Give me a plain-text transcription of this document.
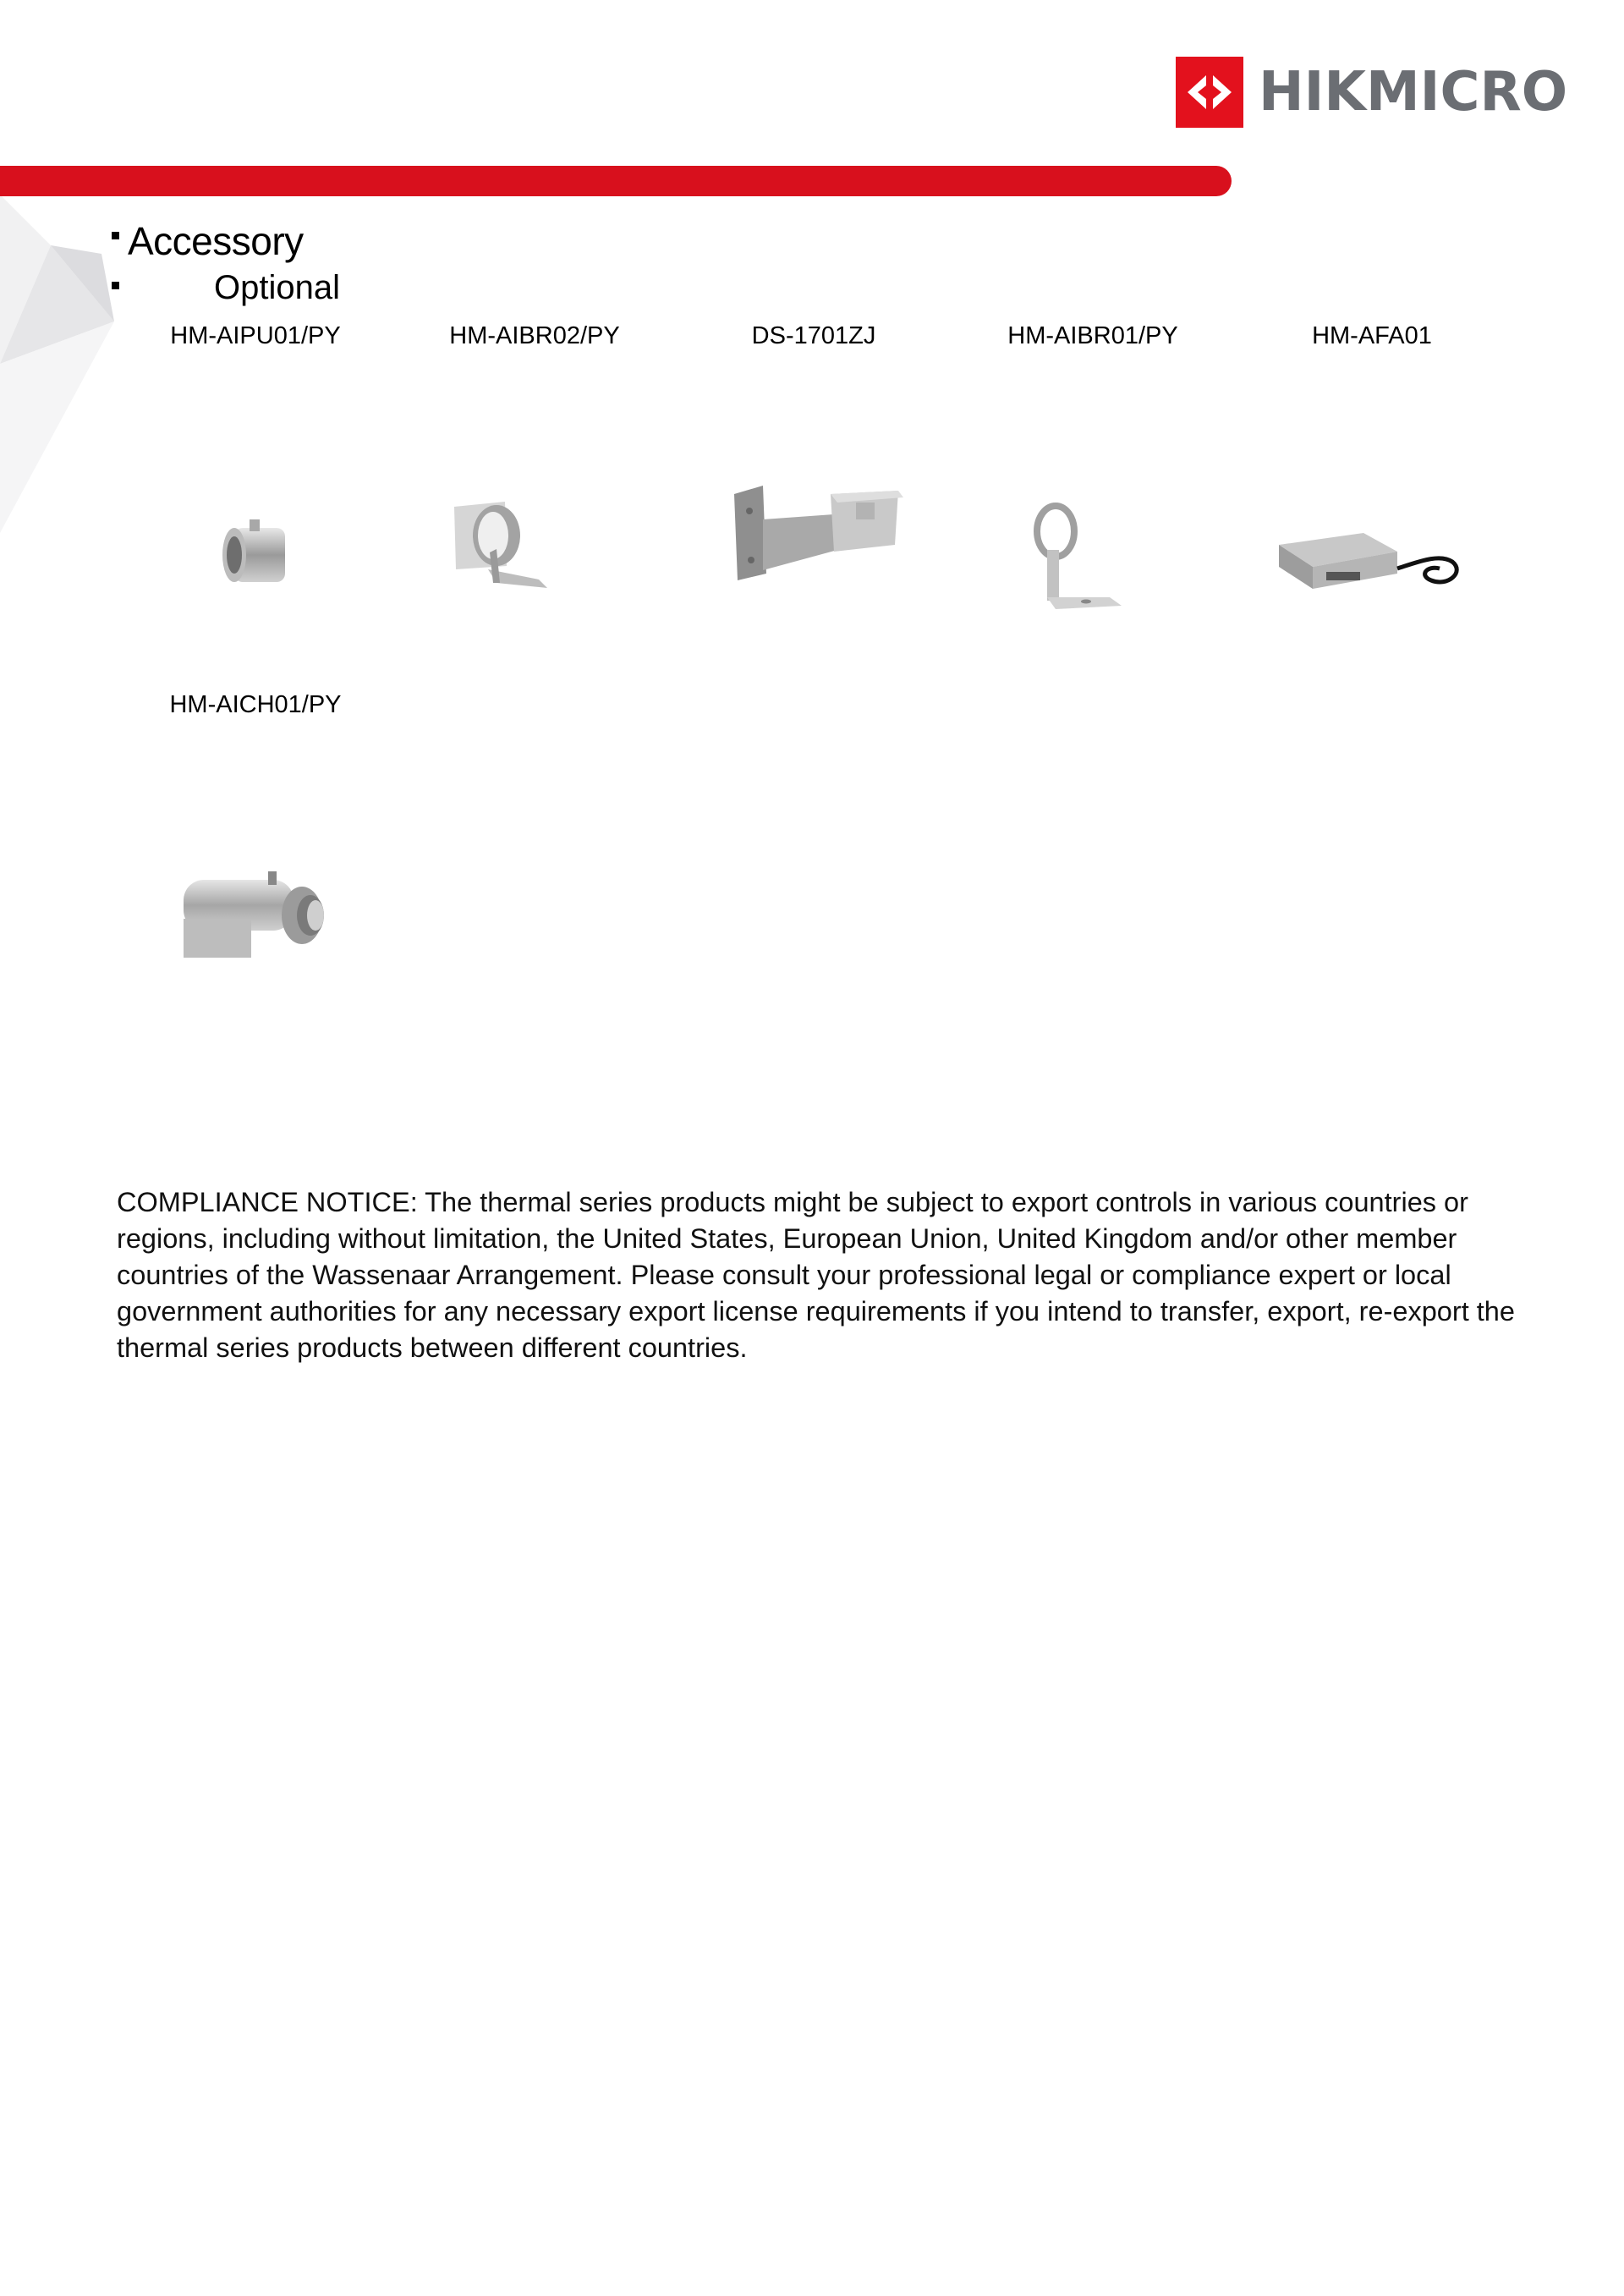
HIKMICRO
Accessory
Optional
HM-AIPU01/PY	HM-AIBR02/PY	DS-1701ZJ	HM-AIBR01/PY	HM-AFA01
HM-AICH01/PY
COMPLIANCE NOTICE: The thermal series products might be subject to export controls in various countries or regions, including without limitation, the United States, European Union, United Kingdom and/or other member countries of the Wassenaar Arrangement. Please consult your professional legal or compliance expert or local government authorities for any necessary export license requirements if you intend to transfer, export, re-export the thermal series products between different countries.
